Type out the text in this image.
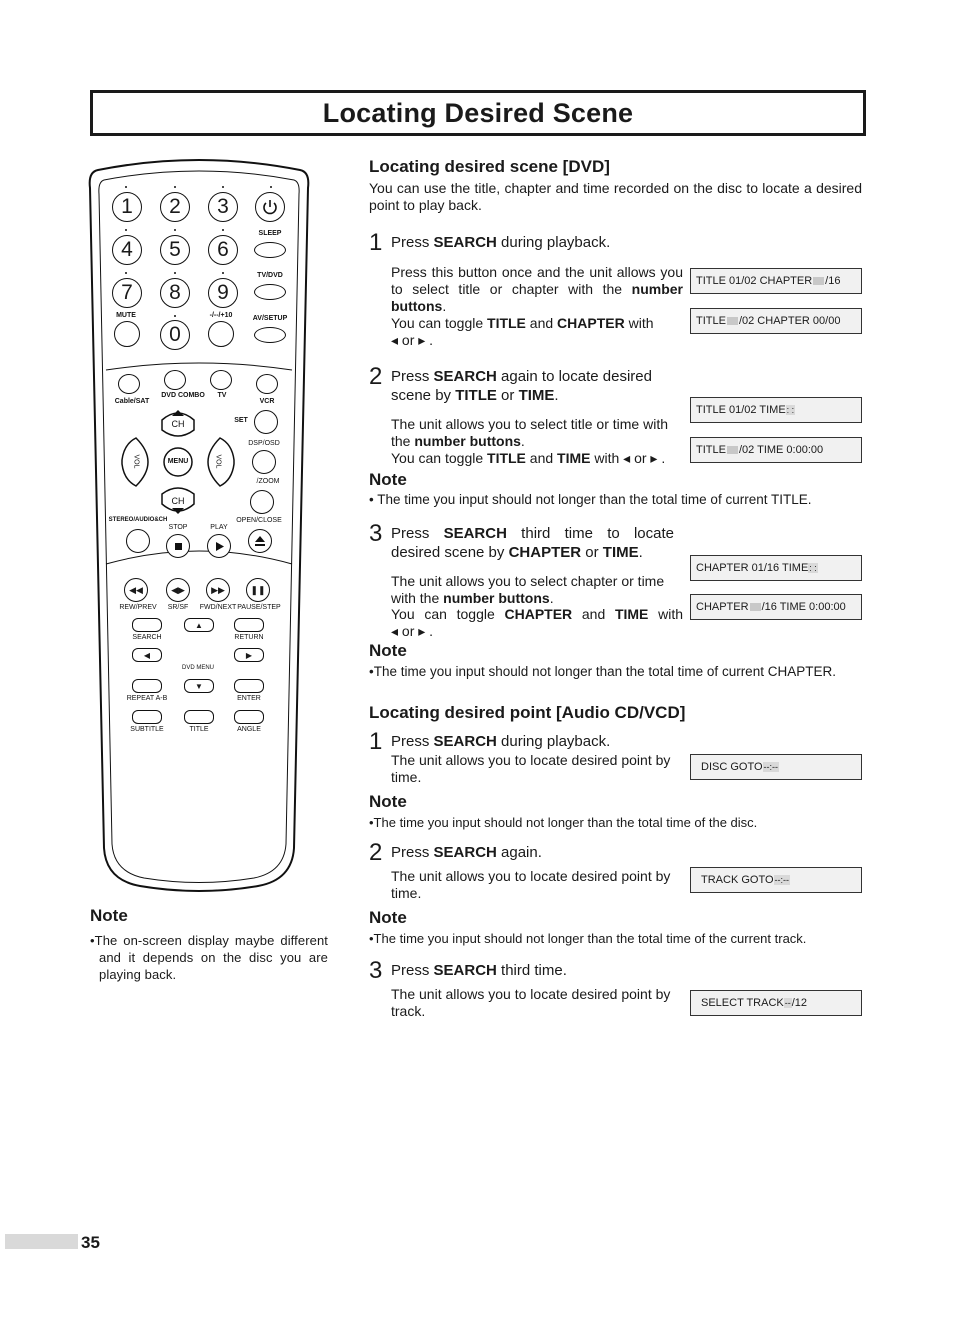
Locating Desired Scene
1	2	3
4	5	6
SLEEP
7	8	9
TV/DVD
MUTE	-/--/+10	AV/SETUP
0
Cable/SAT
DVD COMBO TV
VCR
CH
CH
MENU
VOL	VOL
SET
DSP/OSD
/ZOOM
STEREO/AUDIO&CH
STOP	PLAY
OPEN/CLOSE
◀◀	◀▶	▶▶	❚❚
REW/PREV SR/SF FWD/NEXT PAUSE/STEP
▲
SEARCH	RETURN
◀	▶
DVD MENU
▼
REPEAT A-B	ENTER
SUBTITLE	TITLE	ANGLE
Note

•The on-screen display maybe different and it depends on the disc you are playing back.

Locating desired scene [DVD]

You can use the title, chapter and time recorded on the disc to locate a desired point to play back.

1 Press SEARCH during playback.

Press this button once and the unit allows you to select title or chapter with the number buttons.

You can toggle TITLE and CHAPTER with

◂ or ▸ .

TITLE 01/02 CHAPTER /16
TITLE /02 CHAPTER 00/00
2 Press SEARCH again to locate desired

scene by TITLE or TIME.

The unit allows you to select title or time with the number buttons.

You can toggle TITLE and TIME with ◂ or ▸ .

TITLE 01/02 TIME : :
TITLE /02 TIME 0:00:00
Note

• The time you input should not longer than the total time of current TITLE.

3 Press SEARCH third time to locate

desired scene by CHAPTER or TIME.

The unit allows you to select chapter or time with the number buttons.

You can toggle CHAPTER and TIME with

◂ or ▸ .

CHAPTER 01/16 TIME : :
CHAPTER /16 TIME 0:00:00
Note

•The time you input should not longer than the total time of current CHAPTER.

Locating desired point [Audio CD/VCD]
1 Press SEARCH during playback.

The unit allows you to locate desired point by time.

DISC GOTO --:--
Note

•The time you input should not longer than the total time of the disc.

2 Press SEARCH again.

The unit allows you to locate desired point by time.

TRACK GOTO --:--
Note

•The time you input should not longer than the total time of the current track.

3 Press SEARCH third time.

The unit allows you to locate desired point by track.	SELECT TRACK -- /12
35
